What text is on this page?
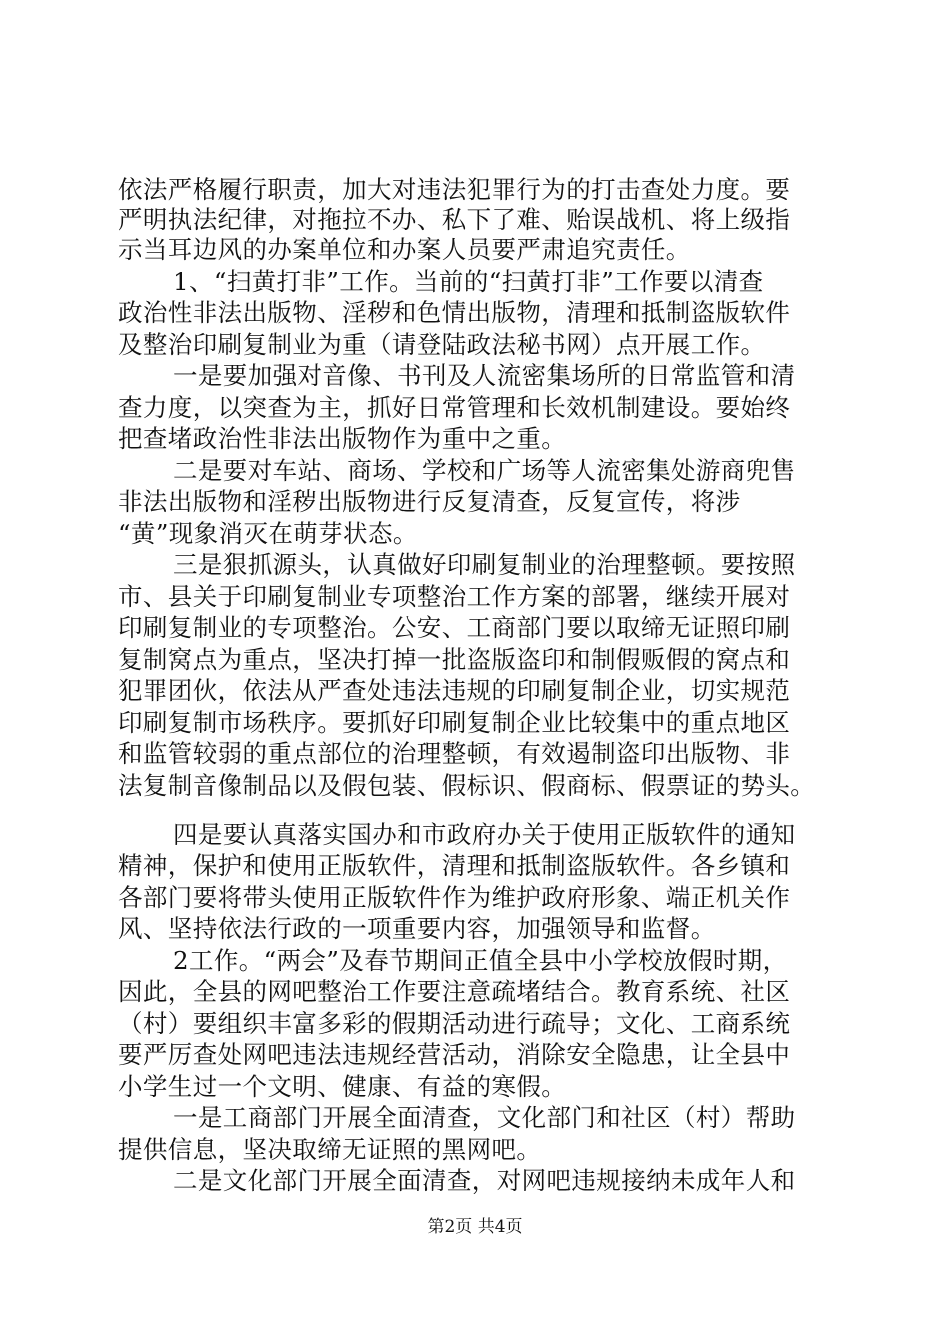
依法严格履行职责，加大对违法犯罪行为的打击查处力度。要
严明执法纪律，对拖拉不办、私下了难、贻误战机、将上级指
示当耳边风的办案单位和办案人员要严肃追究责任。
1、“扫黄打非”工作。当前的“扫黄打非”工作要以清查
政治性非法出版物、淫秽和色情出版物，清理和抵制盗版软件
及整治印刷复制业为重（请登陆政法秘书网）点开展工作。
一是要加强对音像、书刊及人流密集场所的日常监管和清
查力度，以突查为主，抓好日常管理和长效机制建设。要始终
把查堵政治性非法出版物作为重中之重。
二是要对车站、商场、学校和广场等人流密集处游商兜售
非法出版物和淫秽出版物进行反复清查，反复宣传，将涉
“黄”现象消灭在萌芽状态。
三是狠抓源头，认真做好印刷复制业的治理整顿。要按照
市、县关于印刷复制业专项整治工作方案的部署，继续开展对
印刷复制业的专项整治。公安、工商部门要以取缔无证照印刷
复制窝点为重点，坚决打掉一批盗版盗印和制假贩假的窝点和
犯罪团伙，依法从严查处违法违规的印刷复制企业，切实规范
印刷复制市场秩序。要抓好印刷复制企业比较集中的重点地区
和监管较弱的重点部位的治理整顿，有效遏制盗印出版物、非
法复制音像制品以及假包装、假标识、假商标、假票证的势头。
四是要认真落实国办和市政府办关于使用正版软件的通知
精神，保护和使用正版软件，清理和抵制盗版软件。各乡镇和
各部门要将带头使用正版软件作为维护政府形象、端正机关作
风、坚持依法行政的一项重要内容，加强领导和监督。
2工作。“两会”及春节期间正值全县中小学校放假时期，
因此，全县的网吧整治工作要注意疏堵结合。教育系统、社区
（村）要组织丰富多彩的假期活动进行疏导；文化、工商系统
要严厉查处网吧违法违规经营活动，消除安全隐患，让全县中
小学生过一个文明、健康、有益的寒假。
一是工商部门开展全面清查，文化部门和社区（村）帮助
提供信息，坚决取缔无证照的黑网吧。
二是文化部门开展全面清查，对网吧违规接纳未成年人和
第2页 共4页
